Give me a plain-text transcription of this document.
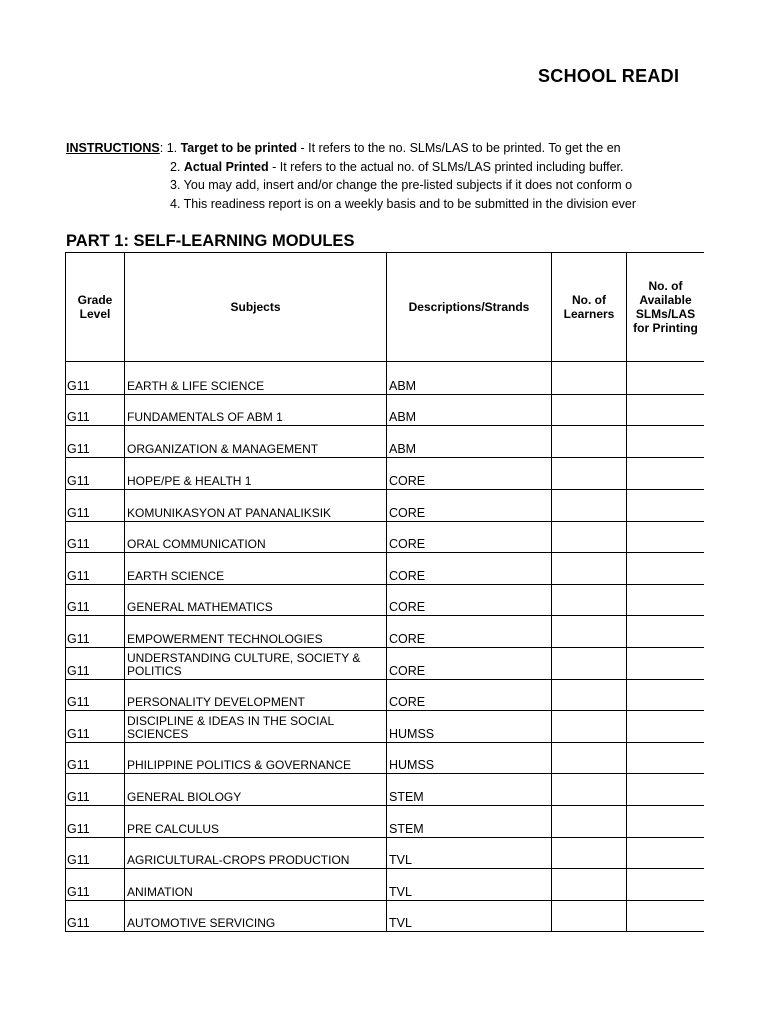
SCHOOL READI
INSTRUCTIONS: 1. Target to be printed - It refers to the no. SLMs/LAS to be printed. To get the en
2. Actual Printed - It refers to the actual no. of SLMs/LAS printed including buffer.
3. You may add, insert and/or change the pre-listed subjects if it does not conform o
4. This readiness report is on a weekly basis and to be submitted in the division ever
PART 1: SELF-LEARNING MODULES
Grade Level	Subjects	Descriptions/Strands	No. of Learners	No. of Available SLMs/LAS for Printing
G11	EARTH & LIFE SCIENCE	ABM		
G11	FUNDAMENTALS OF ABM 1	ABM		
G11	ORGANIZATION & MANAGEMENT	ABM		
G11	HOPE/PE & HEALTH 1	CORE		
G11	KOMUNIKASYON AT PANANALIKSIK	CORE		
G11	ORAL COMMUNICATION	CORE		
G11	EARTH SCIENCE	CORE		
G11	GENERAL MATHEMATICS	CORE		
G11	EMPOWERMENT TECHNOLOGIES	CORE		
G11	UNDERSTANDING CULTURE, SOCIETY & POLITICS	CORE		
G11	PERSONALITY DEVELOPMENT	CORE		
G11	DISCIPLINE & IDEAS IN THE SOCIAL SCIENCES	HUMSS		
G11	PHILIPPINE POLITICS & GOVERNANCE	HUMSS		
G11	GENERAL BIOLOGY	STEM		
G11	PRE CALCULUS	STEM		
G11	AGRICULTURAL-CROPS PRODUCTION	TVL		
G11	ANIMATION	TVL		
G11	AUTOMOTIVE SERVICING	TVL		
